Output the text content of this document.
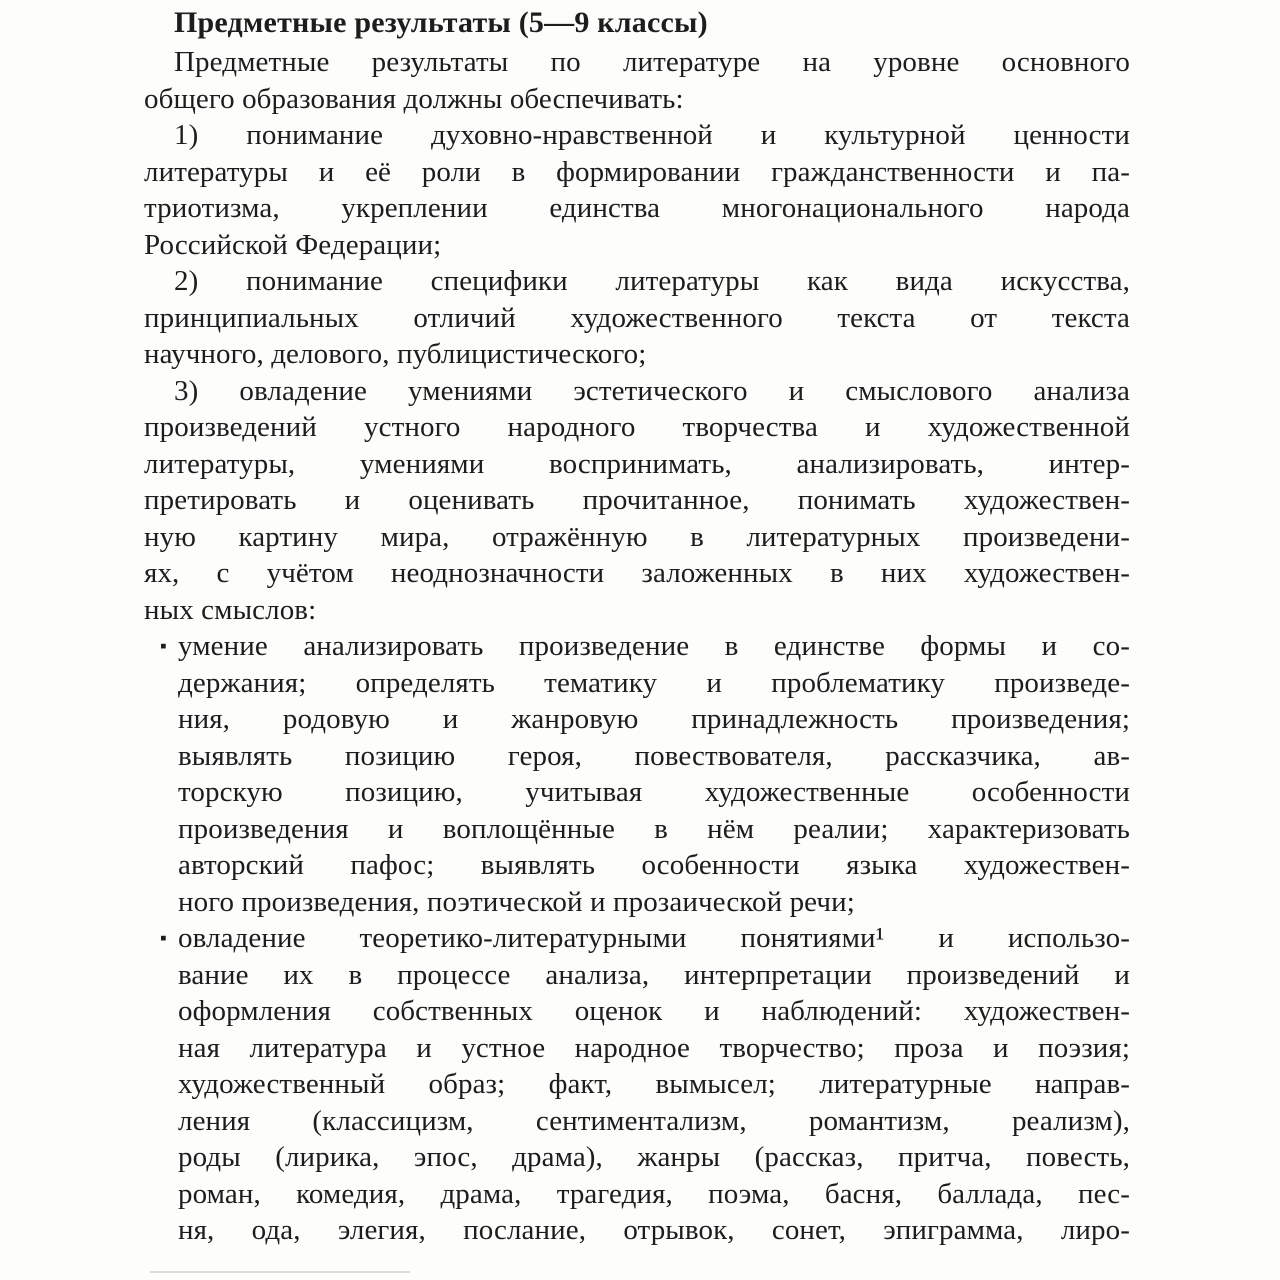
Предметные результаты (5—9 классы)
Предметные результаты по литературе на уровне основного
общего образования должны обеспечивать:
1) понимание духовно-нравственной и культурной ценности
литературы и её роли в формировании гражданственности и па-
триотизма, укреплении единства многонационального народа
Российской Федерации;
2) понимание специфики литературы как вида искусства,
принципиальных отличий художественного текста от текста
научного, делового, публицистического;
3) овладение умениями эстетического и смыслового анализа
произведений устного народного творчества и художественной
литературы, умениями воспринимать, анализировать, интер-
претировать и оценивать прочитанное, понимать художествен-
ную картину мира, отражённую в литературных произведени-
ях, с учётом неоднозначности заложенных в них художествен-
ных смыслов:
▪ умение анализировать произведение в единстве формы и со-
держания; определять тематику и проблематику произведе-
ния, родовую и жанровую принадлежность произведения;
выявлять позицию героя, повествователя, рассказчика, ав-
торскую позицию, учитывая художественные особенности
произведения и воплощённые в нём реалии; характеризовать
авторский пафос; выявлять особенности языка художествен-
ного произведения, поэтической и прозаической речи;
▪ овладение теоретико-литературными понятиями¹ и использо-
вание их в процессе анализа, интерпретации произведений и
оформления собственных оценок и наблюдений: художествен-
ная литература и устное народное творчество; проза и поэзия;
художественный образ; факт, вымысел; литературные направ-
ления (классицизм, сентиментализм, романтизм, реализм),
роды (лирика, эпос, драма), жанры (рассказ, притча, повесть,
роман, комедия, драма, трагедия, поэма, басня, баллада, пес-
ня, ода, элегия, послание, отрывок, сонет, эпиграмма, лиро-
